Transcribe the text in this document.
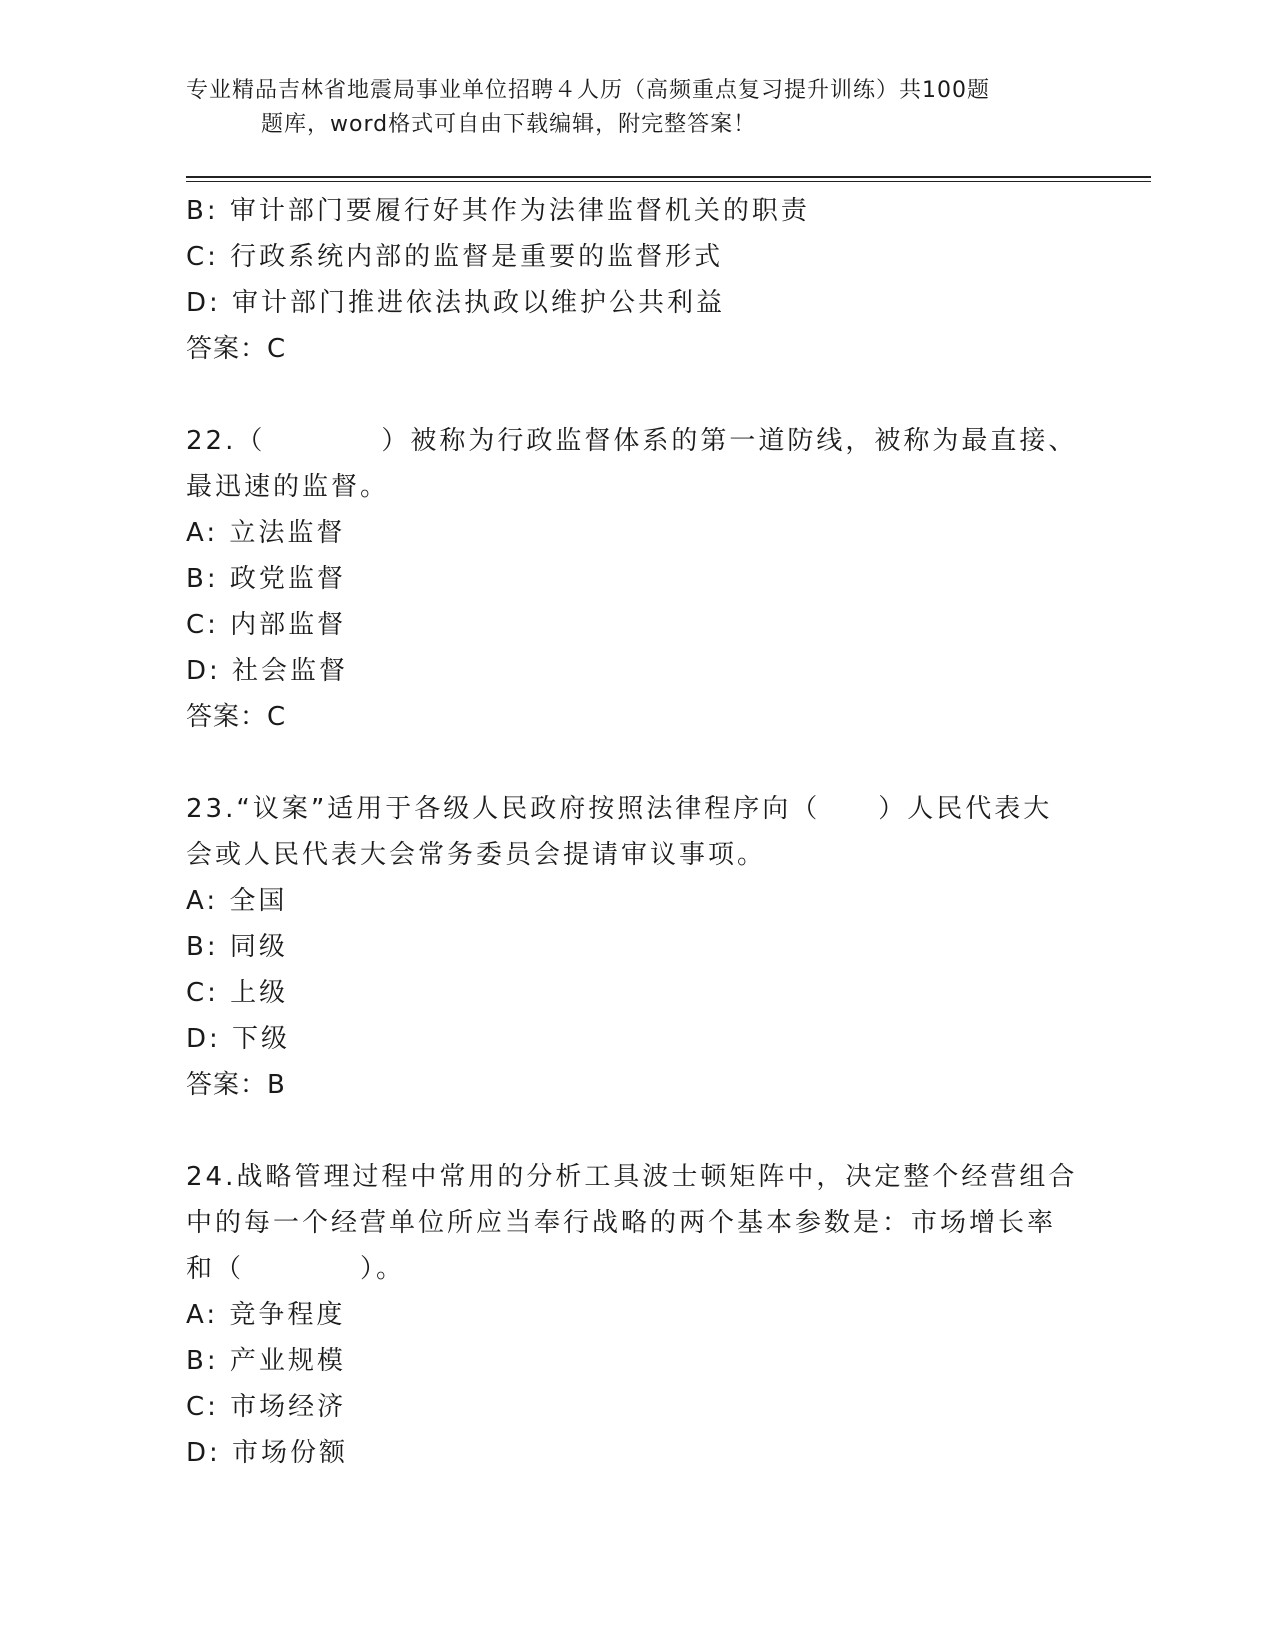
专业精品吉林省地震局事业单位招聘４人历（高频重点复习提升训练）共100题
题库，word格式可自由下载编辑，附完整答案！
B: 审计部门要履行好其作为法律监督机关的职责
C: 行政系统内部的监督是重要的监督形式
D: 审计部门推进依法执政以维护公共利益
答案：C
22.（　　　　）被称为行政监督体系的第一道防线，被称为最直接、
最迅速的监督。
A: 立法监督
B: 政党监督
C: 内部监督
D: 社会监督
答案：C
23.“议案”适用于各级人民政府按照法律程序向（　　）人民代表大
会或人民代表大会常务委员会提请审议事项。
A: 全国
B: 同级
C: 上级
D: 下级
答案：B
24.战略管理过程中常用的分析工具波士顿矩阵中，决定整个经营组合
中的每一个经营单位所应当奉行战略的两个基本参数是：市场增长率
和（　　　　）。
A: 竞争程度
B: 产业规模
C: 市场经济
D: 市场份额
